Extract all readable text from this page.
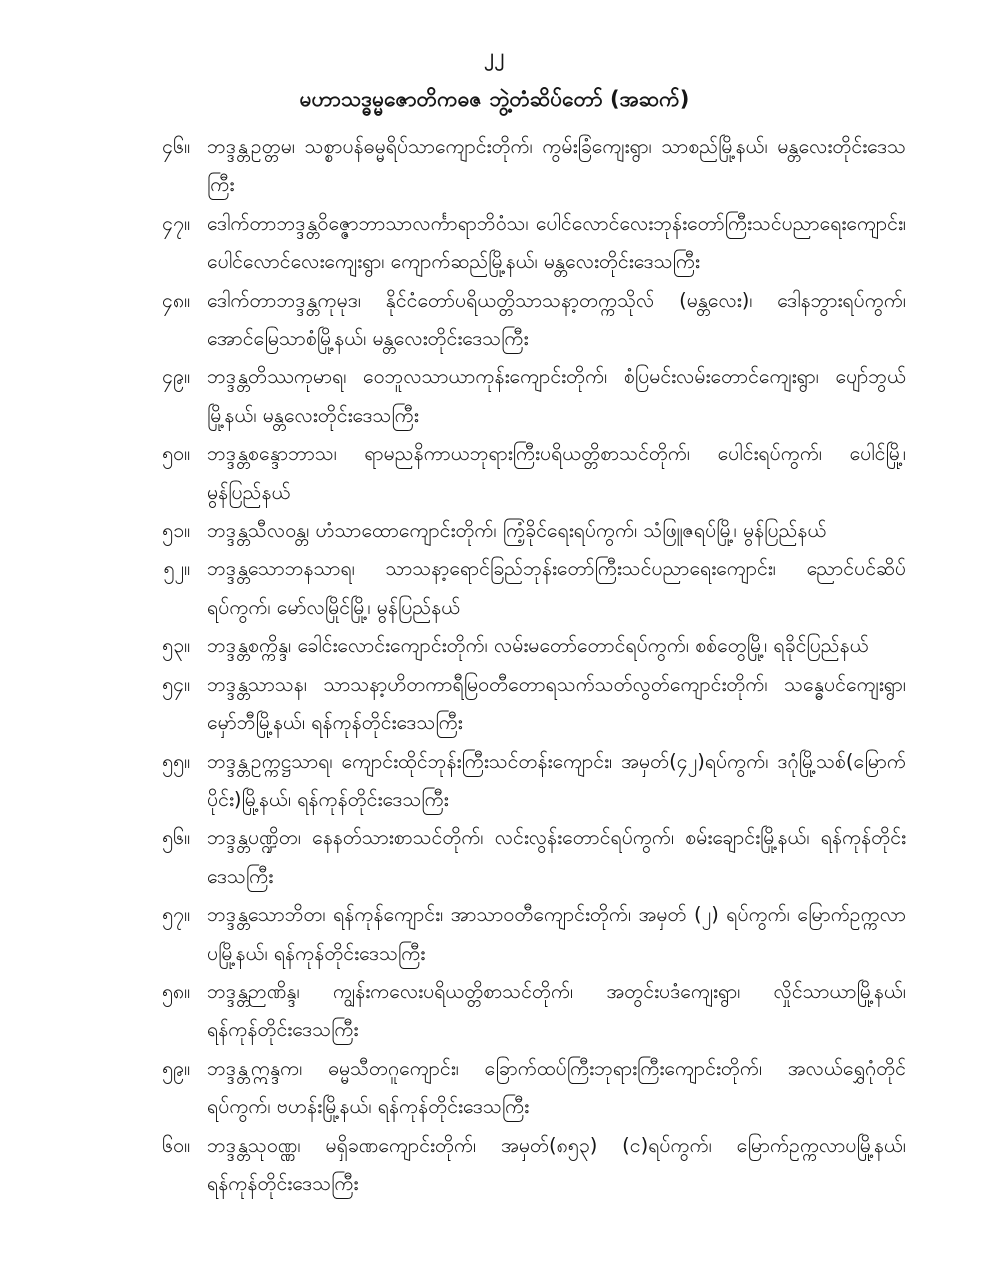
၂၂
မဟာသဒ္ဓမ္မဇောတိကဓဇ ဘွဲ့တံဆိပ်တော် (အဆက်)
၄၆။ ဘဒ္ဒန္တဥတ္တမ၊ သစ္စာပန်ဓမ္မရိပ်သာကျောင်းတိုက်၊ ကွမ်းခြံကျေးရွာ၊ သာစည်မြို့နယ်၊ မန္တလေးတိုင်းဒေသကြီး
၄၇။ ဒေါက်တာဘဒ္ဒန္တဝိဇ္ဇောဘာသာလင်္ကာရာဘိဝံသ၊ ပေါင်လောင်လေးဘုန်းတော်ကြီးသင်ပညာရေးကျောင်း၊ ပေါင်လောင်လေးကျေးရွာ၊ ကျောက်ဆည်မြို့နယ်၊ မန္တလေးတိုင်းဒေသကြီး
၄၈။ ဒေါက်တာဘဒ္ဒန္တကုမုဒ၊ နိုင်ငံတော်ပရိယတ္တိသာသနာ့တက္ကသိုလ် (မန္တလေး)၊ ဒေါနဘွားရပ်ကွက်၊ အောင်မြေသာစံမြို့နယ်၊ မန္တလေးတိုင်းဒေသကြီး
၄၉။ ဘဒ္ဒန္တတိဿကုမာရ၊ ဝေဘူလသာယာကုန်းကျောင်းတိုက်၊ စံပြမင်းလမ်းတောင်ကျေးရွာ၊ ပျော်ဘွယ်မြို့နယ်၊ မန္တလေးတိုင်းဒေသကြီး
၅၀။ ဘဒ္ဒန္တစန္ဒောဘာသ၊ ရာမညနိကာယဘုရားကြီးပရိယတ္တိစာသင်တိုက်၊ ပေါင်းရပ်ကွက်၊ ပေါင်မြို့၊ မွန်ပြည်နယ်
၅၁။ ဘဒ္ဒန္တသီလဝန္တ၊ ဟံသာထောကျောင်းတိုက်၊ ကြံ့ခိုင်ရေးရပ်ကွက်၊ သံဖြူဇရပ်မြို့၊ မွန်ပြည်နယ်
၅၂။ ဘဒ္ဒန္တသောဘနသာရ၊ သာသနာ့ရောင်ခြည်ဘုန်းတော်ကြီးသင်ပညာရေးကျောင်း၊ ညောင်ပင်ဆိပ်ရပ်ကွက်၊ မော်လမြိုင်မြို့၊ မွန်ပြည်နယ်
၅၃။ ဘဒ္ဒန္တစက္ကိန္ဒ၊ ခေါင်းလောင်းကျောင်းတိုက်၊ လမ်းမတော်တောင်ရပ်ကွက်၊ စစ်တွေမြို့၊ ရခိုင်ပြည်နယ်
၅၄။ ဘဒ္ဒန္တသာသန၊ သာသနာ့ဟိတကာရီမြဝတီတောရသက်သတ်လွတ်ကျောင်းတိုက်၊ သန္ဓေပင်ကျေးရွာ၊ မှော်ဘီမြို့နယ်၊ ရန်ကုန်တိုင်းဒေသကြီး
၅၅။ ဘဒ္ဒန္တဥက္ကဋ္ဌသာရ၊ ကျောင်းထိုင်ဘုန်းကြီးသင်တန်းကျောင်း၊ အမှတ်(၄၂)ရပ်ကွက်၊ ဒဂုံမြို့သစ်(မြောက်ပိုင်း)မြို့နယ်၊ ရန်ကုန်တိုင်းဒေသကြီး
၅၆။ ဘဒ္ဒန္တပဏ္ဍိတ၊ နေနတ်သားစာသင်တိုက်၊ လင်းလွန်းတောင်ရပ်ကွက်၊ စမ်းချောင်းမြို့နယ်၊ ရန်ကုန်တိုင်းဒေသကြီး
၅၇။ ဘဒ္ဒန္တသောဘိတ၊ ရန်ကုန်ကျောင်း၊ အာသာဝတီကျောင်းတိုက်၊ အမှတ် (၂) ရပ်ကွက်၊ မြောက်ဥက္ကလာပမြို့နယ်၊ ရန်ကုန်တိုင်းဒေသကြီး
၅၈။ ဘဒ္ဒန္တဉာဏိန္ဒ၊ ကျွန်းကလေးပရိယတ္တိစာသင်တိုက်၊ အတွင်းပဒံကျေးရွာ၊ လှိုင်သာယာမြို့နယ်၊ ရန်ကုန်တိုင်းဒေသကြီး
၅၉။ ဘဒ္ဒန္တဣန္ဒက၊ ဓမ္မသီတဂူကျောင်း၊ ခြောက်ထပ်ကြီးဘုရားကြီးကျောင်းတိုက်၊ အလယ်ရွှေဂုံတိုင်ရပ်ကွက်၊ ဗဟန်းမြို့နယ်၊ ရန်ကုန်တိုင်းဒေသကြီး
၆၀။ ဘဒ္ဒန္တသုဝဏ္ဏ၊ မရှိခဏကျောင်းတိုက်၊ အမှတ်(၈၅၃) (င)ရပ်ကွက်၊ မြောက်ဥက္ကလာပမြို့နယ်၊ ရန်ကုန်တိုင်းဒေသကြီး
